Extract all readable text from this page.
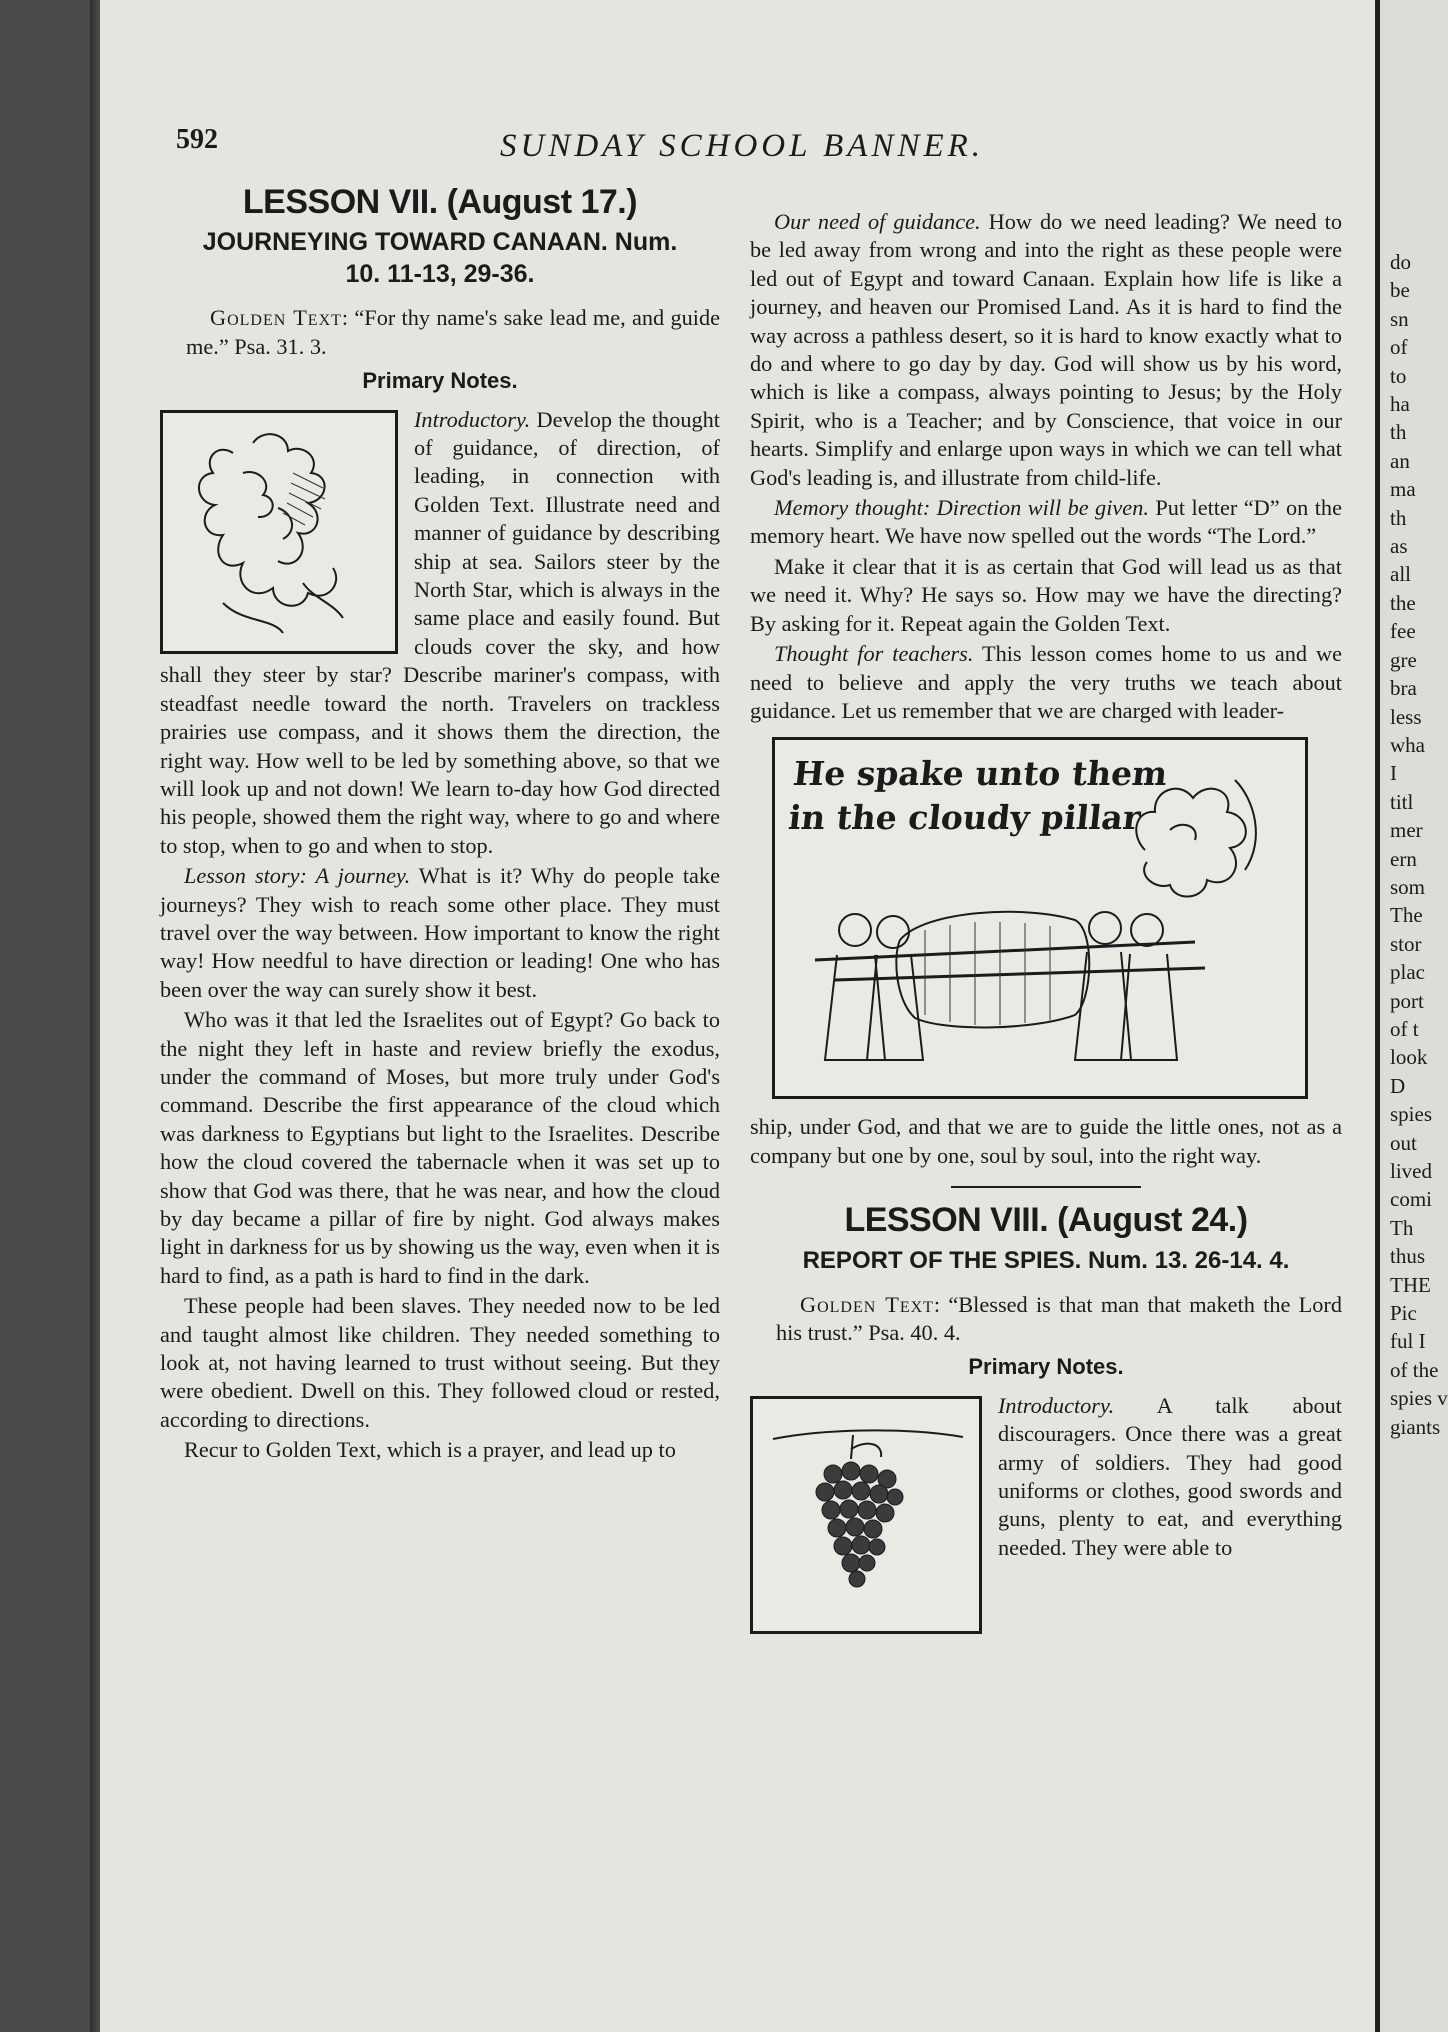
592	SUNDAY SCHOOL BANNER.
LESSON VII. (August 17.)
JOURNEYING TOWARD CANAAN. Num.
10. 11-13, 29-36.

Golden Text: “For thy name's sake lead me, and guide me.” Psa. 31. 3.

Primary Notes.

Introductory. Develop the thought of guidance, of direction, of leading, in connection with Golden Text. Illustrate need and manner of guidance by describing ship at sea. Sailors steer by the North Star, which is always in the same place and easily found. But clouds cover the sky, and how shall they steer by star? Describe mariner's compass, with steadfast needle toward the north. Travelers on trackless prairies use compass, and it shows them the direction, the right way. How well to be led by something above, so that we will look up and not down! We learn to-day how God directed his people, showed them the right way, where to go and where to stop, when to go and when to stop.

Lesson story: A journey. What is it? Why do people take journeys? They wish to reach some other place. They must travel over the way between. How important to know the right way! How needful to have direction or leading! One who has been over the way can surely show it best.

Who was it that led the Israelites out of Egypt? Go back to the night they left in haste and review briefly the exodus, under the command of Moses, but more truly under God's command. Describe the first appearance of the cloud which was darkness to Egyptians but light to the Israelites. Describe how the cloud covered the tabernacle when it was set up to show that God was there, that he was near, and how the cloud by day became a pillar of fire by night. God always makes light in darkness for us by showing us the way, even when it is hard to find, as a path is hard to find in the dark.

These people had been slaves. They needed now to be led and taught almost like children. They needed something to look at, not having learned to trust without seeing. But they were obedient. Dwell on this. They followed cloud or rested, according to directions.

Recur to Golden Text, which is a prayer, and lead up to

Our need of guidance. How do we need leading? We need to be led away from wrong and into the right as these people were led out of Egypt and toward Canaan. Explain how life is like a journey, and heaven our Promised Land. As it is hard to find the way across a pathless desert, so it is hard to know exactly what to do and where to go day by day. God will show us by his word, which is like a compass, always pointing to Jesus; by the Holy Spirit, who is a Teacher; and by Conscience, that voice in our hearts. Simplify and enlarge upon ways in which we can tell what God's leading is, and illustrate from child-life.

Memory thought: Direction will be given. Put letter “D” on the memory heart. We have now spelled out the words “The Lord.”

Make it clear that it is as certain that God will lead us as that we need it. Why? He says so. How may we have the directing? By asking for it. Repeat again the Golden Text.

Thought for teachers. This lesson comes home to us and we need to believe and apply the very truths we teach about guidance. Let us remember that we are charged with leader-

He spake unto them
in the cloudy pillar

ship, under God, and that we are to guide the little ones, not as a company but one by one, soul by soul, into the right way.

LESSON VIII. (August 24.)
REPORT OF THE SPIES. Num. 13. 26-14. 4.

Golden Text: “Blessed is that man that maketh the Lord his trust.” Psa. 40. 4.

Primary Notes.

Introductory. A talk about discouragers. Once there was a great army of soldiers. They had good uniforms or clothes, good swords and guns, plenty to eat, and everything needed. They were able to

do
be
sn
of
to
ha
th
an
ma
th
as
all
the
fee
gre
bra
less
wha
I
titl
mer
ern
som
The
stor
plac
port
of t
look
D
spies
out
lived
comi
Th
thus
THE
Pic
ful I
of the
spies v
giants
